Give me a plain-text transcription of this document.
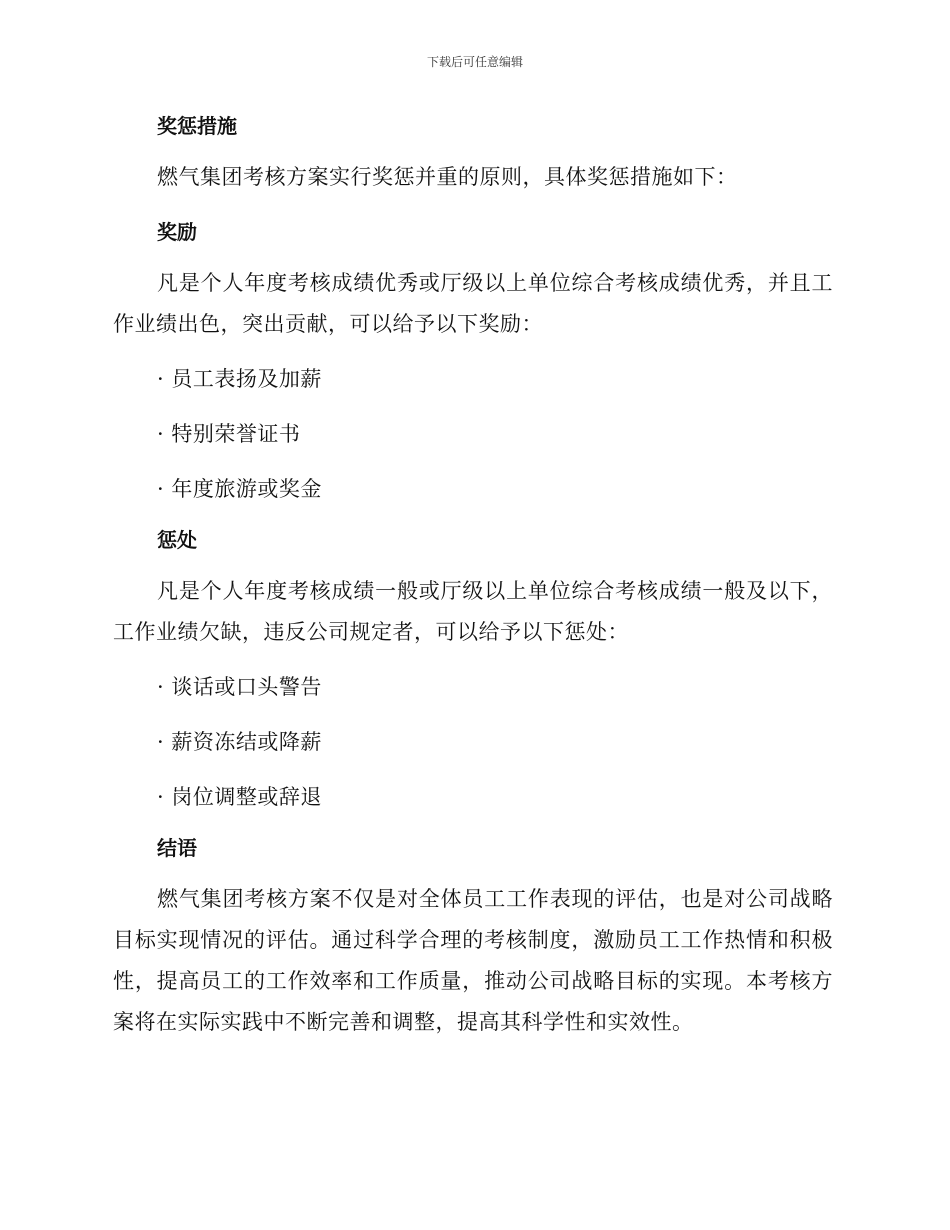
下载后可任意编辑
奖惩措施

燃气集团考核方案实行奖惩并重的原则，具体奖惩措施如下：

奖励

凡是个人年度考核成绩优秀或厅级以上单位综合考核成绩优秀，并且工作业绩出色，突出贡献，可以给予以下奖励：

· 员工表扬及加薪

· 特别荣誉证书

· 年度旅游或奖金

惩处

凡是个人年度考核成绩一般或厅级以上单位综合考核成绩一般及以下，工作业绩欠缺，违反公司规定者，可以给予以下惩处：

· 谈话或口头警告

· 薪资冻结或降薪

· 岗位调整或辞退

结语

燃气集团考核方案不仅是对全体员工工作表现的评估，也是对公司战略目标实现情况的评估。通过科学合理的考核制度，激励员工工作热情和积极性，提高员工的工作效率和工作质量，推动公司战略目标的实现。本考核方案将在实际实践中不断完善和调整，提高其科学性和实效性。
